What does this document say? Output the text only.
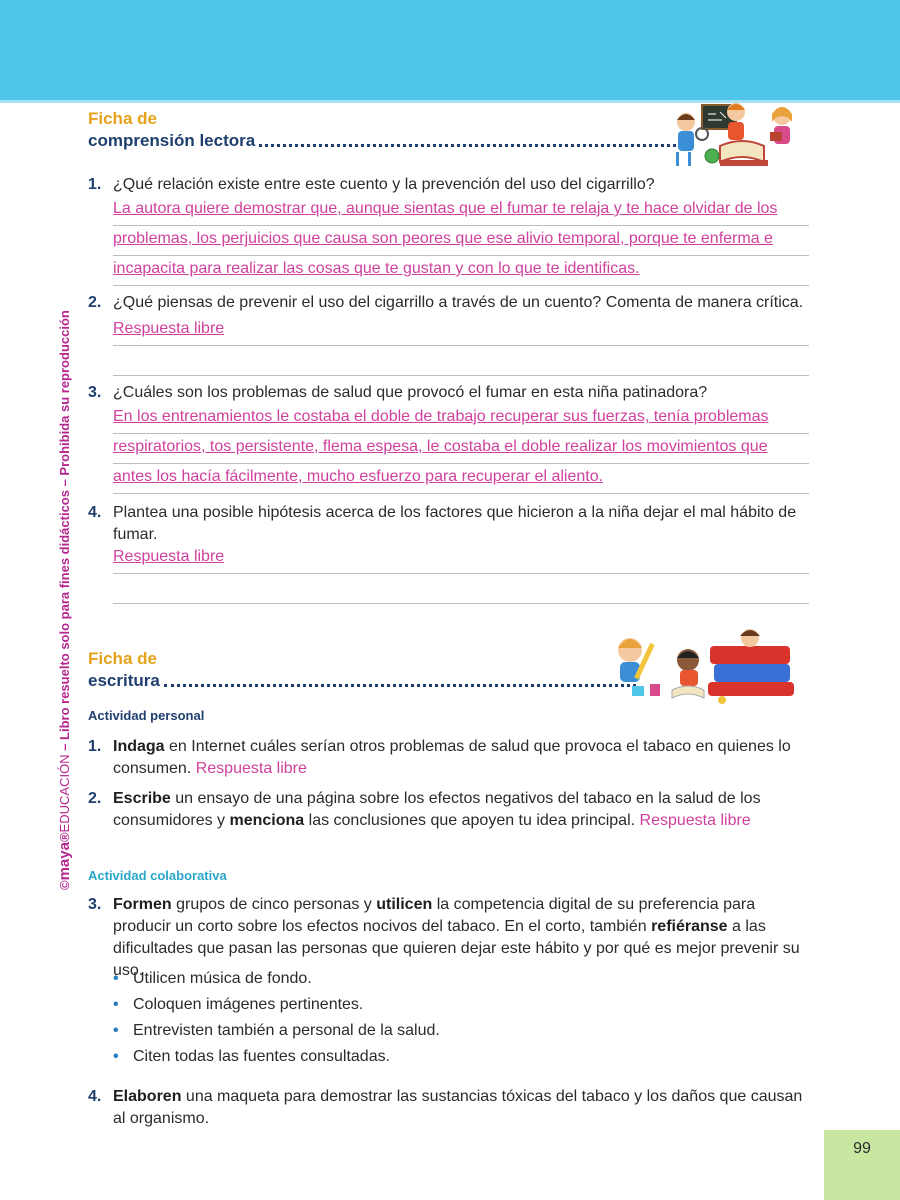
©maya®EDUCACIÓN – Libro resuelto solo para fines didácticos – Prohibida su reproducción
Ficha de
comprensión lectora
1. ¿Qué relación existe entre este cuento y la prevención del uso del cigarrillo?
La autora quiere demostrar que, aunque sientas que el fumar te relaja y te hace olvidar de los
problemas, los perjuicios que causa son peores que ese alivio temporal, porque te enferma e
incapacita para realizar las cosas que te gustan y con lo que te identificas.
2. ¿Qué piensas de prevenir el uso del cigarrillo a través de un cuento? Comenta de manera crítica.
Respuesta libre
3. ¿Cuáles son los problemas de salud que provocó el fumar en esta niña patinadora?
En los entrenamientos le costaba el doble de trabajo recuperar sus fuerzas, tenía problemas
respiratorios, tos persistente, flema espesa, le costaba el doble realizar los movimientos que
antes los hacía fácilmente, mucho esfuerzo para recuperar el aliento.
4. Plantea una posible hipótesis acerca de los factores que hicieron a la niña dejar el mal hábito de fumar.
Respuesta libre
Ficha de
escritura
Actividad personal
1. Indaga en Internet cuáles serían otros problemas de salud que provoca el tabaco en quienes lo consumen. Respuesta libre
2. Escribe un ensayo de una página sobre los efectos negativos del tabaco en la salud de los consumidores y menciona las conclusiones que apoyen tu idea principal. Respuesta libre
Actividad colaborativa
3. Formen grupos de cinco personas y utilicen la competencia digital de su preferencia para producir un corto sobre los efectos nocivos del tabaco. En el corto, también refiéranse a las dificultades que pasan las personas que quieren dejar este hábito y por qué es mejor prevenir su uso.
• Utilicen música de fondo.
• Coloquen imágenes pertinentes.
• Entrevisten también a personal de la salud.
• Citen todas las fuentes consultadas.
4. Elaboren una maqueta para demostrar las sustancias tóxicas del tabaco y los daños que causan al organismo.
99
